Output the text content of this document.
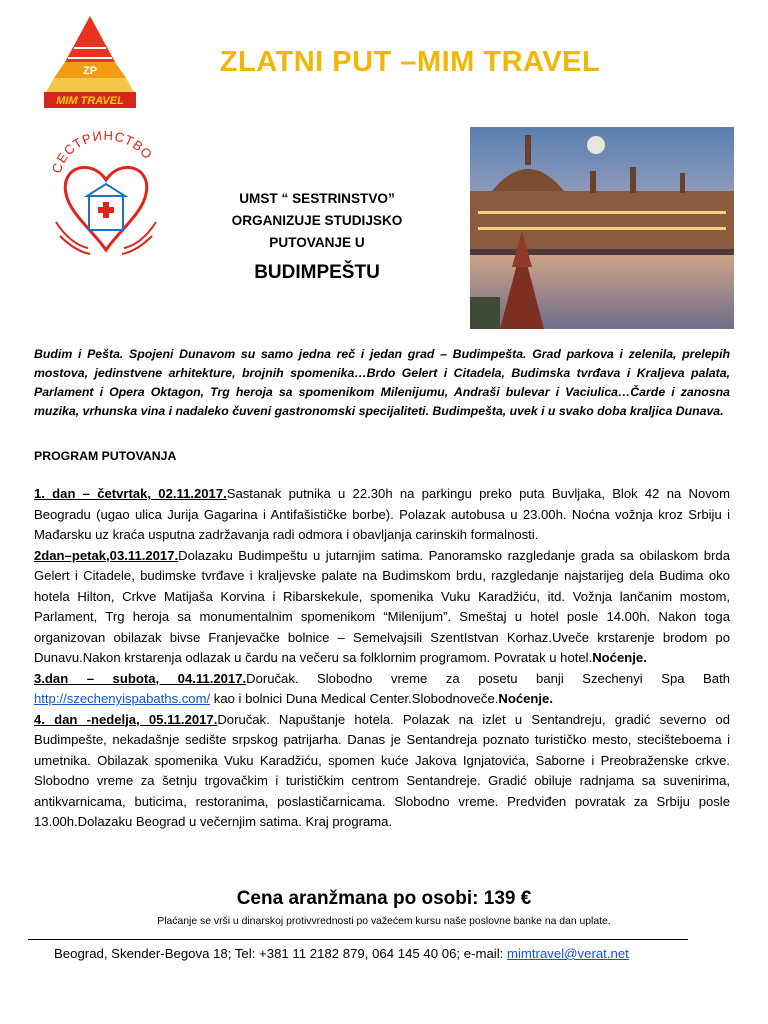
ZP
MIM TRAVEL
ZLATNI PUT –MIM TRAVEL
СЕСТРИНСТВО
UMST “ SESTRINSTVO”
ORGANIZUJE STUDIJSKO
PUTOVANJE U
BUDIMPEŠTU
Budim i Pešta. Spojeni Dunavom su samo jedna reč i jedan grad – Budimpešta. Grad parkova i zelenila, prelepih mostova, jedinstvene arhitekture, brojnih spomenika…Brdo Gelert i Citadela, Budimska tvrđava i Kraljeva palata, Parlament i Opera Oktagon, Trg heroja sa spomenikom Milenijumu, Andraši bulevar i Vaciulica…Čarde i zanosna muzika, vrhunska vina i nadaleko čuveni gastronomski specijaliteti. Budimpešta, uvek i u svako doba kraljica Dunava.
PROGRAM PUTOVANJA

1. dan – četvrtak, 02.11.2017.Sastanak putnika u 22.30h na parkingu preko puta Buvljaka, Blok 42 na Novom Beogradu (ugao ulica Jurija Gagarina i Antifašističke borbe). Polazak autobusa u 23.00h. Noćna vožnja kroz Srbiju i Mađarsku uz kraća usputna zadržavanja radi odmora i obavljanja carinskih formalnosti.

2dan–petak,03.11.2017.Dolazaku Budimpeštu u jutarnjim satima. Panoramsko razgledanje grada sa obilaskom brda Gelert i Citadele, budimske tvrđave i kraljevske palate na Budimskom brdu, razgledanje najstarijeg dela Budima oko hotela Hilton, Crkve Matijaša Korvina i Ribarskekule, spomenika Vuku Karadžiću, itd. Vožnja lančanim mostom, Parlament, Trg heroja sa monumentalnim spomenikom “Milenijum”. Smeštaj u hotel posle 14.00h. Nakon toga organizovan obilazak bivse Franjevačke bolnice – Semelvajsili SzentIstvan Korhaz.Uveče krstarenje brodom po Dunavu.Nakon krstarenja odlazak u čardu na večeru sa folklornim programom. Povratak u hotel.Noćenje.

3.dan – subota, 04.11.2017.Doručak. Slobodno vreme za posetu banji Szechenyi Spa Bath http://szechenyispabaths.com/ kao i bolnici Duna Medical Center.Slobodnoveče.Noćenje.

4. dan -nedelja, 05.11.2017.Doručak. Napuštanje hotela. Polazak na izlet u Sentandreju, gradić severno od Budimpešte, nekadašnje sedište srpskog patrijarha. Danas je Sentandreja poznato turističko mesto, stecišteboema i umetnika. Obilazak spomenika Vuku Karadžiću, spomen kuće Jakova Ignjatovića, Saborne i Preobraženske crkve. Slobodno vreme za šetnju trgovačkim i turističkim centrom Sentandreje. Gradić obiluje radnjama sa suvenirima, antikvarnicama, buticima, restoranima, poslastičarnicama. Slobodno vreme. Predviđen povratak za Srbiju posle 13.00h.Dolazaku Beograd u večernjim satima. Kraj programa.

Cena aranžmana po osobi: 139 €
Plaćanje se vrši u dinarskoj protivvrednosti po važećem kursu naše poslovne banke na dan uplate.
Beograd, Skender-Begova 18; Tel: +381 11 2182 879, 064 145 40 06; e-mail: mimtravel@verat.net
